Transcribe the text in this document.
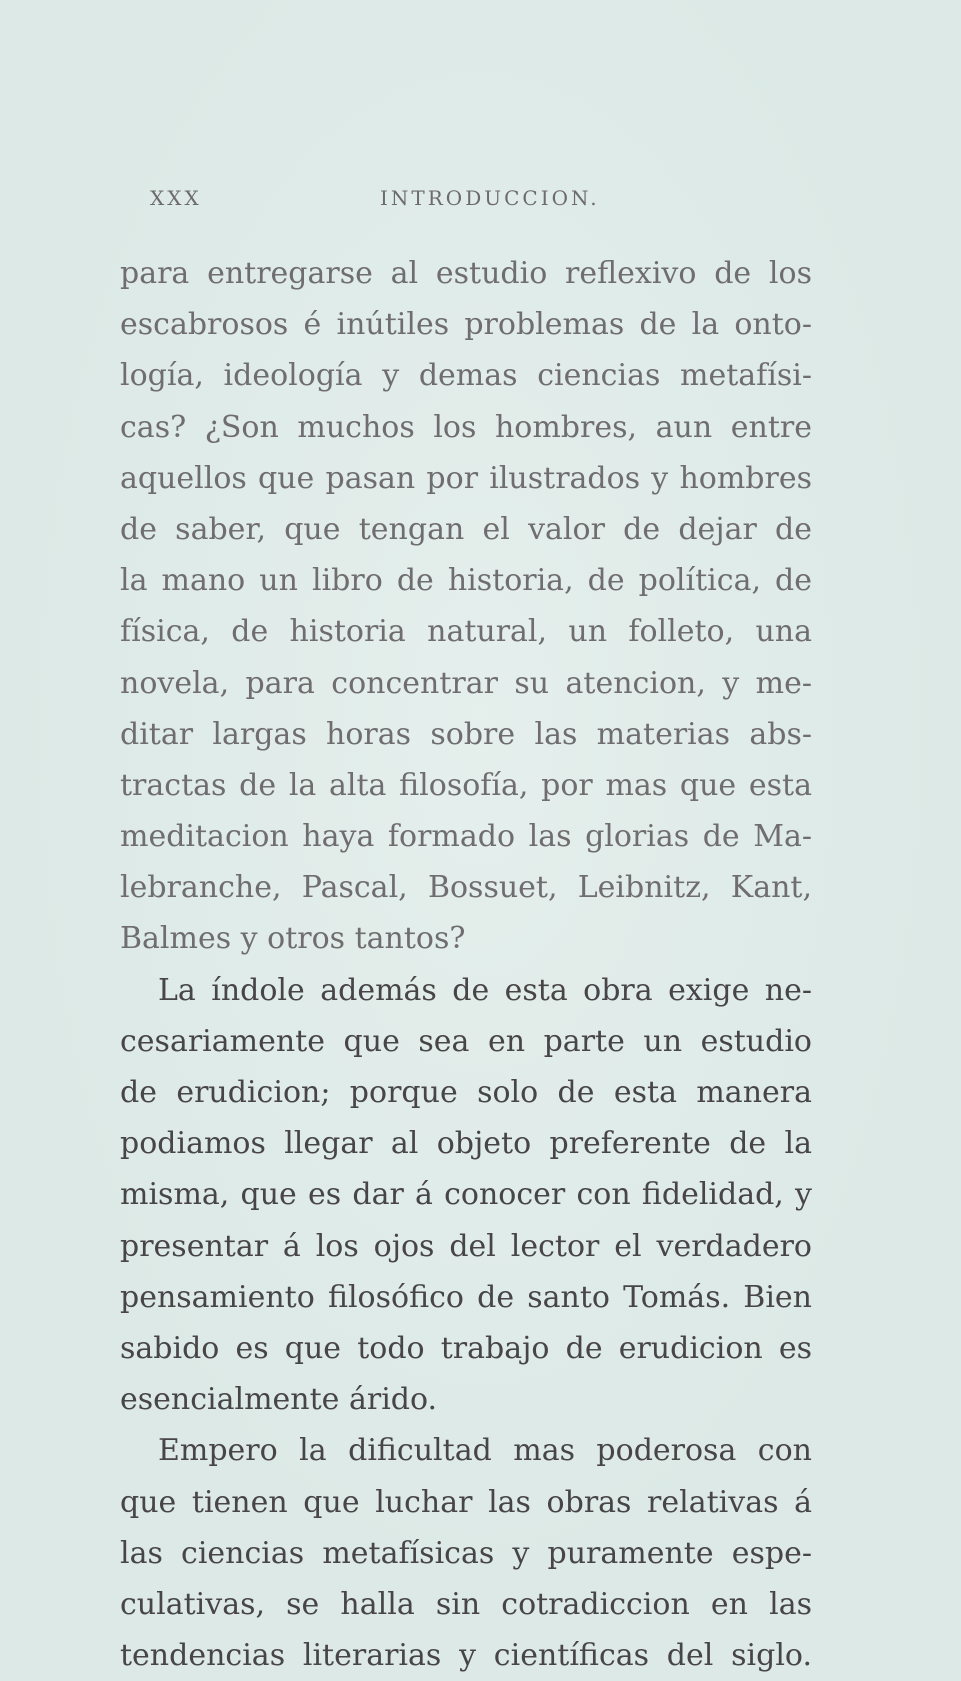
XXX	INTRODUCCION.
para entregarse al estudio reflexivo de los
escabrosos é inútiles problemas de la onto-
logía, ideología y demas ciencias metafísi-
cas? ¿Son muchos los hombres, aun entre
aquellos que pasan por ilustrados y hombres
de saber, que tengan el valor de dejar de
la mano un libro de historia, de política, de
física, de historia natural, un folleto, una
novela, para concentrar su atencion, y me-
ditar largas horas sobre las materias abs-
tractas de la alta filosofía, por mas que esta
meditacion haya formado las glorias de Ma-
lebranche, Pascal, Bossuet, Leibnitz, Kant,
Balmes y otros tantos?
La índole además de esta obra exige ne-
cesariamente que sea en parte un estudio
de erudicion; porque solo de esta manera
podiamos llegar al objeto preferente de la
misma, que es dar á conocer con fidelidad, y
presentar á los ojos del lector el verdadero
pensamiento filosófico de santo Tomás. Bien
sabido es que todo trabajo de erudicion es
esencialmente árido.
Empero la dificultad mas poderosa con
que tienen que luchar las obras relativas á
las ciencias metafísicas y puramente espe-
culativas, se halla sin cotradiccion en las
tendencias literarias y científicas del siglo.
